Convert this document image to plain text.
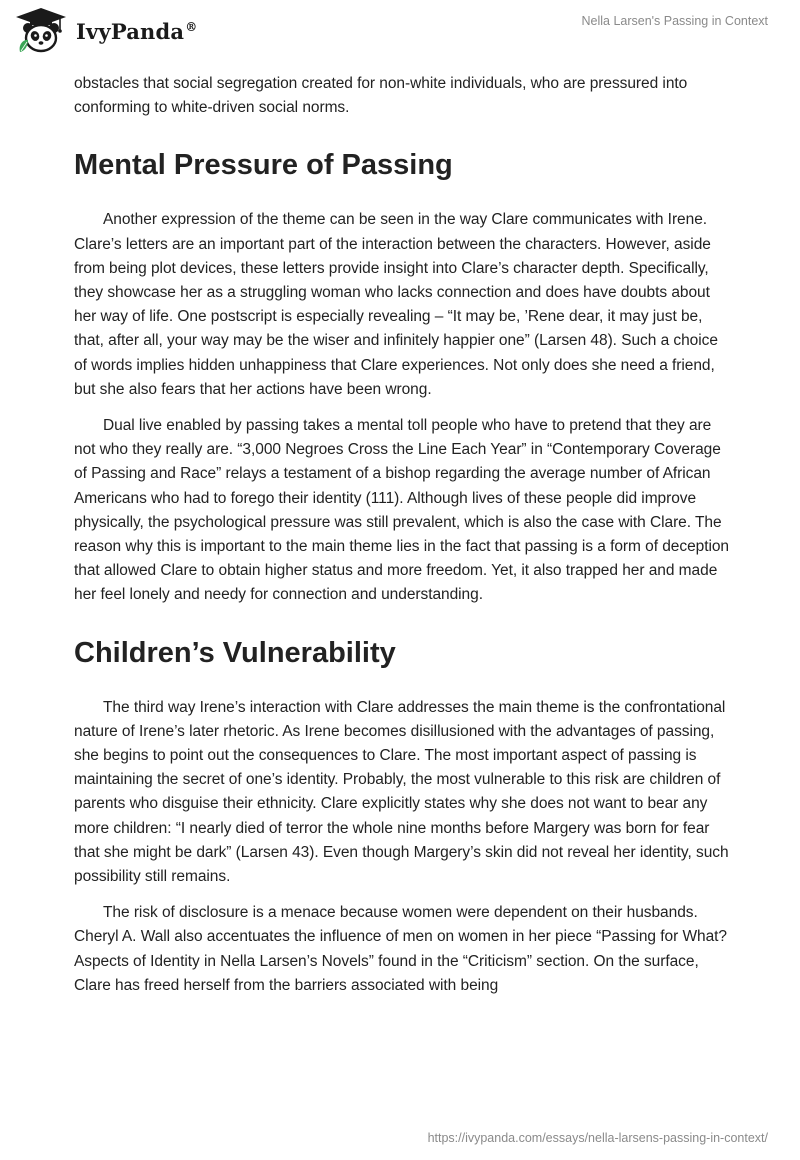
IvyPanda®	Nella Larsen's Passing in Context

obstacles that social segregation created for non-white individuals, who are pressured into conforming to white-driven social norms.

Mental Pressure of Passing

Another expression of the theme can be seen in the way Clare communicates with Irene. Clare’s letters are an important part of the interaction between the characters. However, aside from being plot devices, these letters provide insight into Clare’s character depth. Specifically, they showcase her as a struggling woman who lacks connection and does have doubts about her way of life. One postscript is especially revealing – “It may be, ’Rene dear, it may just be, that, after all, your way may be the wiser and infinitely happier one” (Larsen 48). Such a choice of words implies hidden unhappiness that Clare experiences. Not only does she need a friend, but she also fears that her actions have been wrong.

Dual live enabled by passing takes a mental toll people who have to pretend that they are not who they really are. “3,000 Negroes Cross the Line Each Year” in “Contemporary Coverage of Passing and Race” relays a testament of a bishop regarding the average number of African Americans who had to forego their identity (111). Although lives of these people did improve physically, the psychological pressure was still prevalent, which is also the case with Clare. The reason why this is important to the main theme lies in the fact that passing is a form of deception that allowed Clare to obtain higher status and more freedom. Yet, it also trapped her and made her feel lonely and needy for connection and understanding.

Children’s Vulnerability

The third way Irene’s interaction with Clare addresses the main theme is the confrontational nature of Irene’s later rhetoric. As Irene becomes disillusioned with the advantages of passing, she begins to point out the consequences to Clare. The most important aspect of passing is maintaining the secret of one’s identity. Probably, the most vulnerable to this risk are children of parents who disguise their ethnicity. Clare explicitly states why she does not want to bear any more children: “I nearly died of terror the whole nine months before Margery was born for fear that she might be dark” (Larsen 43). Even though Margery’s skin did not reveal her identity, such possibility still remains.

The risk of disclosure is a menace because women were dependent on their husbands. Cheryl A. Wall also accentuates the influence of men on women in her piece “Passing for What? Aspects of Identity in Nella Larsen’s Novels” found in the “Criticism” section. On the surface, Clare has freed herself from the barriers associated with being

https://ivypanda.com/essays/nella-larsens-passing-in-context/
